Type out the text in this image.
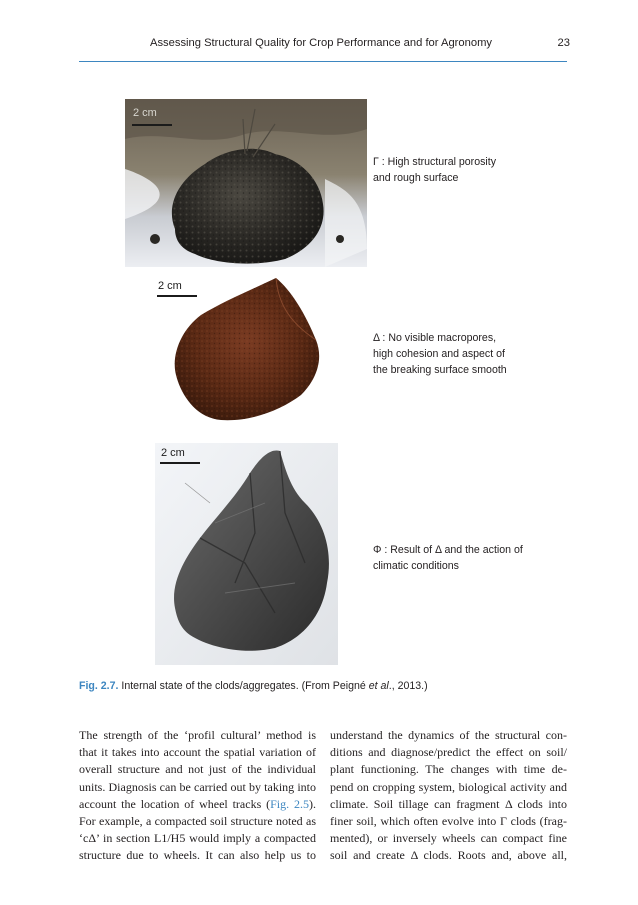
Assessing Structural Quality for Crop Performance and for Agronomy	23
2 cm
Γ : High structural porosity
and rough surface
2 cm
Δ : No visible macropores,
high cohesion and aspect of
the breaking surface smooth
2 cm
Φ : Result of Δ and the action of
climatic conditions
Fig. 2.7. Internal state of the clods/aggregates. (From Peigné et al., 2013.)
The strength of the ‘profil cultural’ method is
that it takes into account the spatial variation of
overall structure and not just of the individual
units. Diagnosis can be carried out by taking into
account the location of wheel tracks (Fig. 2.5).
For example, a compacted soil structure noted as
‘cΔ’ in section L1/H5 would imply a compacted
structure due to wheels. It can also help us to
understand the dynamics of the structural con-
ditions and diagnose/predict the effect on soil/
plant functioning. The changes with time de-
pend on cropping system, biological activity and
climate. Soil tillage can fragment Δ clods into
finer soil, which often evolve into Γ clods (frag-
mented), or inversely wheels can compact fine
soil and create Δ clods. Roots and, above all,
